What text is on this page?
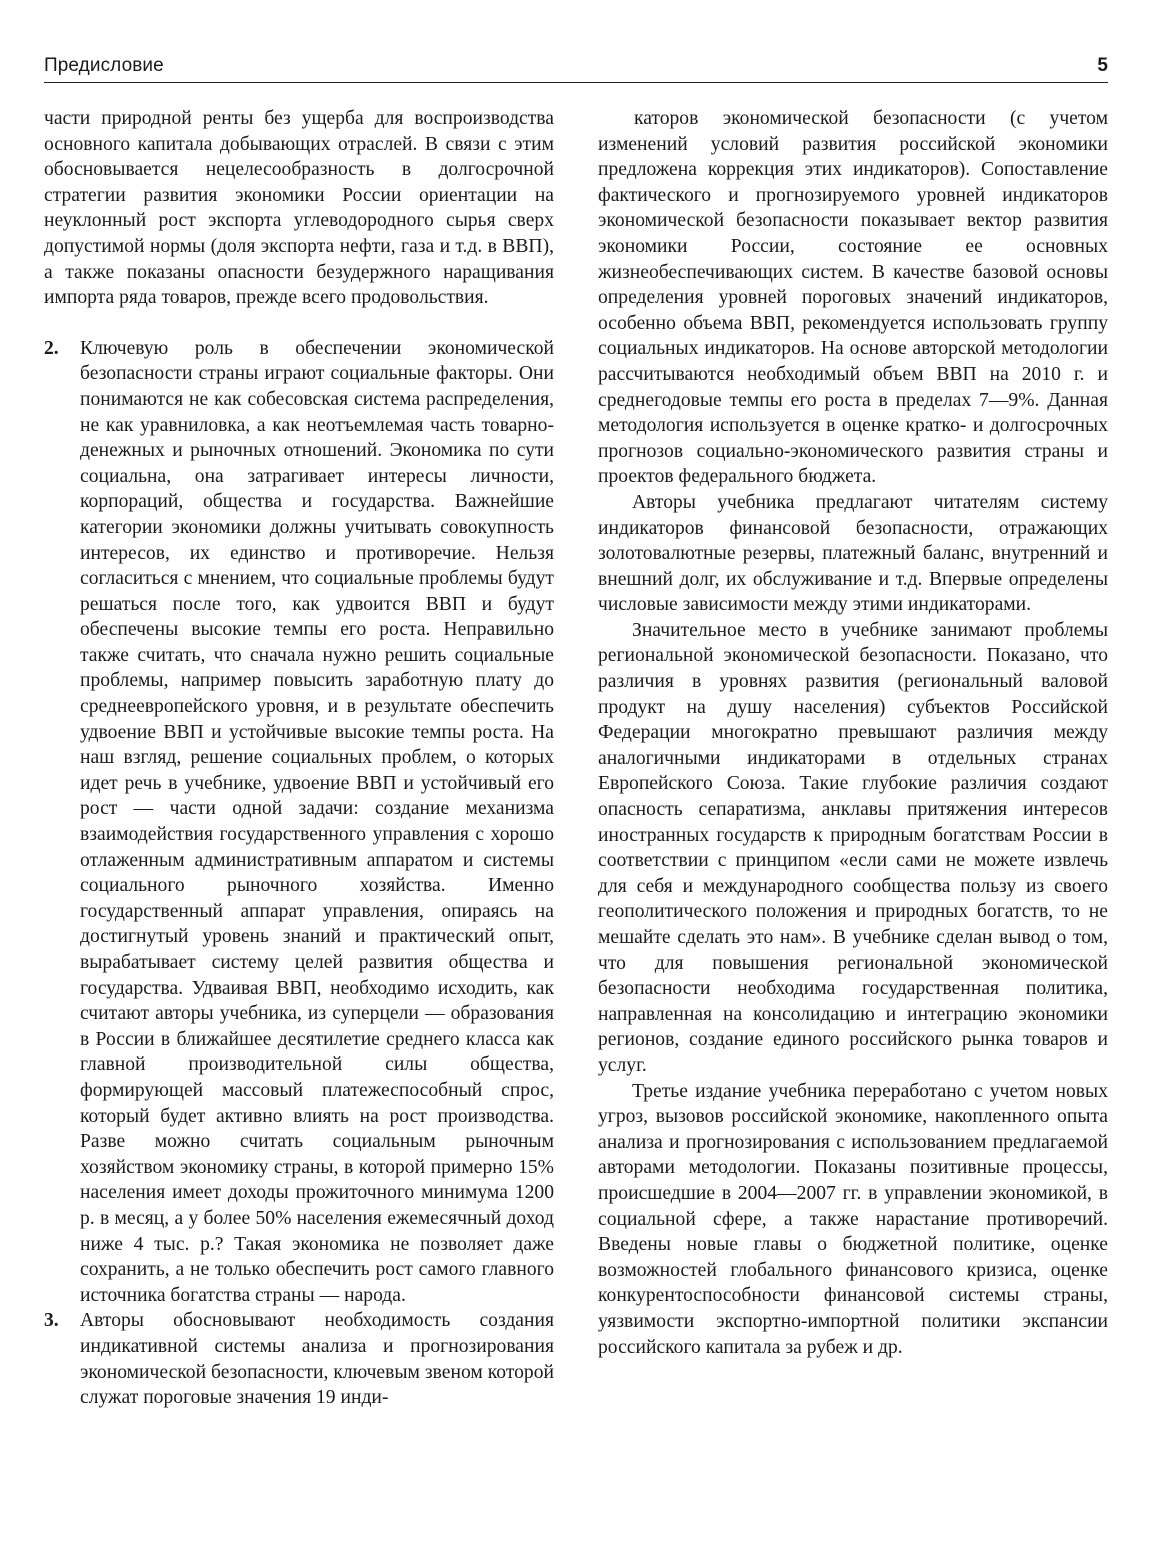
Предисловие	5

части природной ренты без ущерба для воспроизводства основного капитала добывающих отраслей. В связи с этим обосновывается нецелесообразность в долгосрочной стратегии развития экономики России ориентации на неуклонный рост экспорта углеводородного сырья сверх допустимой нормы (доля экспорта нефти, газа и т.д. в ВВП), а также показаны опасности безудержного наращивания импорта ряда товаров, прежде всего продовольствия.

2. Ключевую роль в обеспечении экономической безопасности страны играют социальные факторы. Они понимаются не как собесовская система распределения, не как уравниловка, а как неотъемлемая часть товарно-денежных и рыночных отношений. Экономика по сути социальна, она затрагивает интересы личности, корпораций, общества и государства. Важнейшие категории экономики должны учитывать совокупность интересов, их единство и противоречие. Нельзя согласиться с мнением, что социальные проблемы будут решаться после того, как удвоится ВВП и будут обеспечены высокие темпы его роста. Неправильно также считать, что сначала нужно решить социальные проблемы, например повысить заработную плату до среднеевропейского уровня, и в результате обеспечить удвоение ВВП и устойчивые высокие темпы роста. На наш взгляд, решение социальных проблем, о которых идет речь в учебнике, удвоение ВВП и устойчивый его рост — части одной задачи: создание механизма взаимодействия государственного управления с хорошо отлаженным административным аппаратом и системы социального рыночного хозяйства. Именно государственный аппарат управления, опираясь на достигнутый уровень знаний и практический опыт, вырабатывает систему целей развития общества и государства. Удваивая ВВП, необходимо исходить, как считают авторы учебника, из суперцели — образования в России в ближайшее десятилетие среднего класса как главной производительной силы общества, формирующей массовый платежеспособный спрос, который будет активно влиять на рост производства. Разве можно считать социальным рыночным хозяйством экономику страны, в которой примерно 15% населения имеет доходы прожиточного минимума 1200 р. в месяц, а у более 50% населения ежемесячный доход ниже 4 тыс. р.? Такая экономика не позволяет даже сохранить, а не только обеспечить рост самого главного источника богатства страны — народа.

3. Авторы обосновывают необходимость создания индикативной системы анализа и прогнозирования экономической безопасности, ключевым звеном которой служат пороговые значения 19 инди-

каторов экономической безопасности (с учетом изменений условий развития российской экономики предложена коррекция этих индикаторов). Сопоставление фактического и прогнозируемого уровней индикаторов экономической безопасности показывает вектор развития экономики России, состояние ее основных жизнеобеспечивающих систем. В качестве базовой основы определения уровней пороговых значений индикаторов, особенно объема ВВП, рекомендуется использовать группу социальных индикаторов. На основе авторской методологии рассчитываются необходимый объем ВВП на 2010 г. и среднегодовые темпы его роста в пределах 7—9%. Данная методология используется в оценке кратко- и долгосрочных прогнозов социально-экономического развития страны и проектов федерального бюджета.

Авторы учебника предлагают читателям систему индикаторов финансовой безопасности, отражающих золотовалютные резервы, платежный баланс, внутренний и внешний долг, их обслуживание и т.д. Впервые определены числовые зависимости между этими индикаторами.

Значительное место в учебнике занимают проблемы региональной экономической безопасности. Показано, что различия в уровнях развития (региональный валовой продукт на душу населения) субъектов Российской Федерации многократно превышают различия между аналогичными индикаторами в отдельных странах Европейского Союза. Такие глубокие различия создают опасность сепаратизма, анклавы притяжения интересов иностранных государств к природным богатствам России в соответствии с принципом «если сами не можете извлечь для себя и международного сообщества пользу из своего геополитического положения и природных богатств, то не мешайте сделать это нам». В учебнике сделан вывод о том, что для повышения региональной экономической безопасности необходима государственная политика, направленная на консолидацию и интеграцию экономики регионов, создание единого российского рынка товаров и услуг.

Третье издание учебника переработано с учетом новых угроз, вызовов российской экономике, накопленного опыта анализа и прогнозирования с использованием предлагаемой авторами методологии. Показаны позитивные процессы, происшедшие в 2004—2007 гг. в управлении экономикой, в социальной сфере, а также нарастание противоречий. Введены новые главы о бюджетной политике, оценке возможностей глобального финансового кризиса, оценке конкурентоспособности финансовой системы страны, уязвимости экспортно-импортной политики экспансии российского капитала за рубеж и др.
